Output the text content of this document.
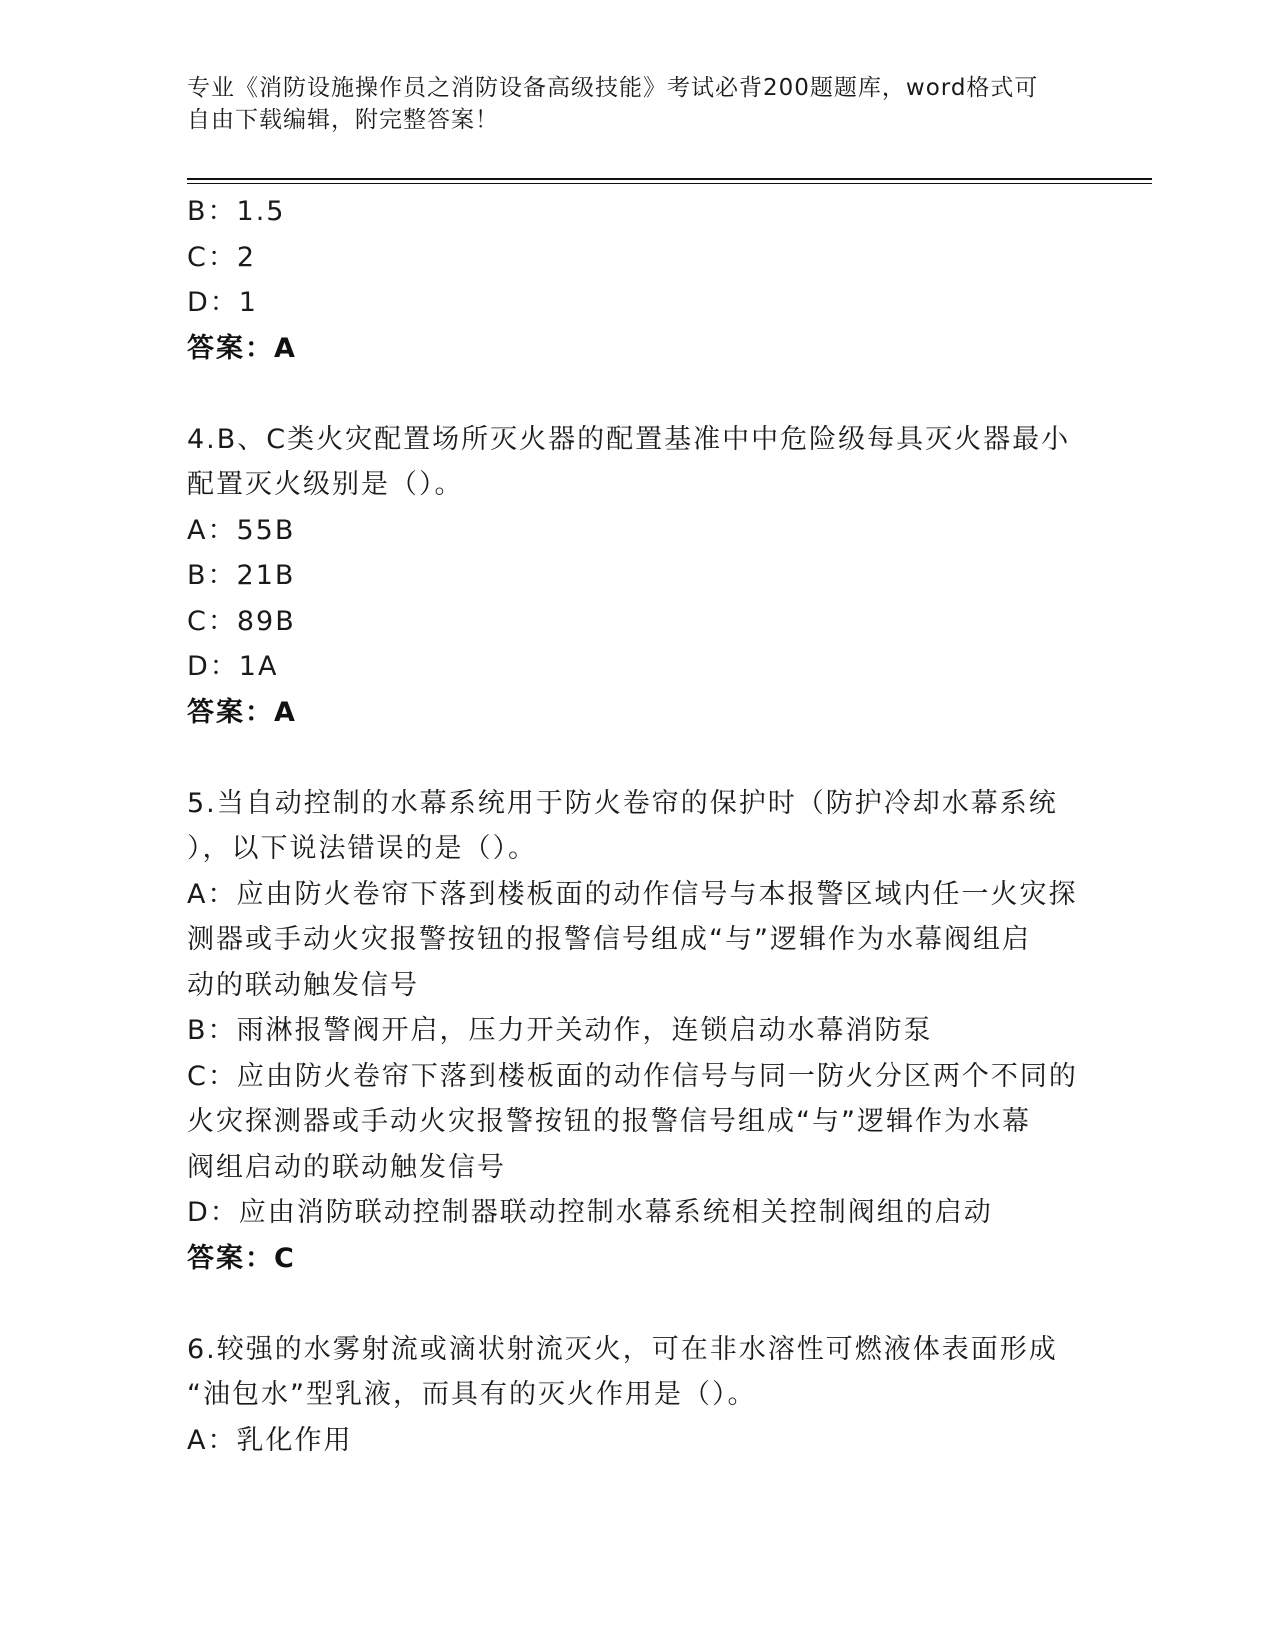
专业《消防设施操作员之消防设备高级技能》考试必背200题题库，word格式可
自由下载编辑，附完整答案！
B：1.5
C：2
D：1
答案：A
4.B、C类火灾配置场所灭火器的配置基准中中危险级每具灭火器最小
配置灭火级别是（）。
A：55B
B：21B
C：89B
D：1A
答案：A
5.当自动控制的水幕系统用于防火卷帘的保护时（防护冷却水幕系统
），以下说法错误的是（）。
A：应由防火卷帘下落到楼板面的动作信号与本报警区域内任一火灾探
测器或手动火灾报警按钮的报警信号组成“与”逻辑作为水幕阀组启
动的联动触发信号
B：雨淋报警阀开启，压力开关动作，连锁启动水幕消防泵
C：应由防火卷帘下落到楼板面的动作信号与同一防火分区两个不同的
火灾探测器或手动火灾报警按钮的报警信号组成“与”逻辑作为水幕
阀组启动的联动触发信号
D：应由消防联动控制器联动控制水幕系统相关控制阀组的启动
答案：C
6.较强的水雾射流或滴状射流灭火，可在非水溶性可燃液体表面形成
“油包水”型乳液，而具有的灭火作用是（）。
A：乳化作用
